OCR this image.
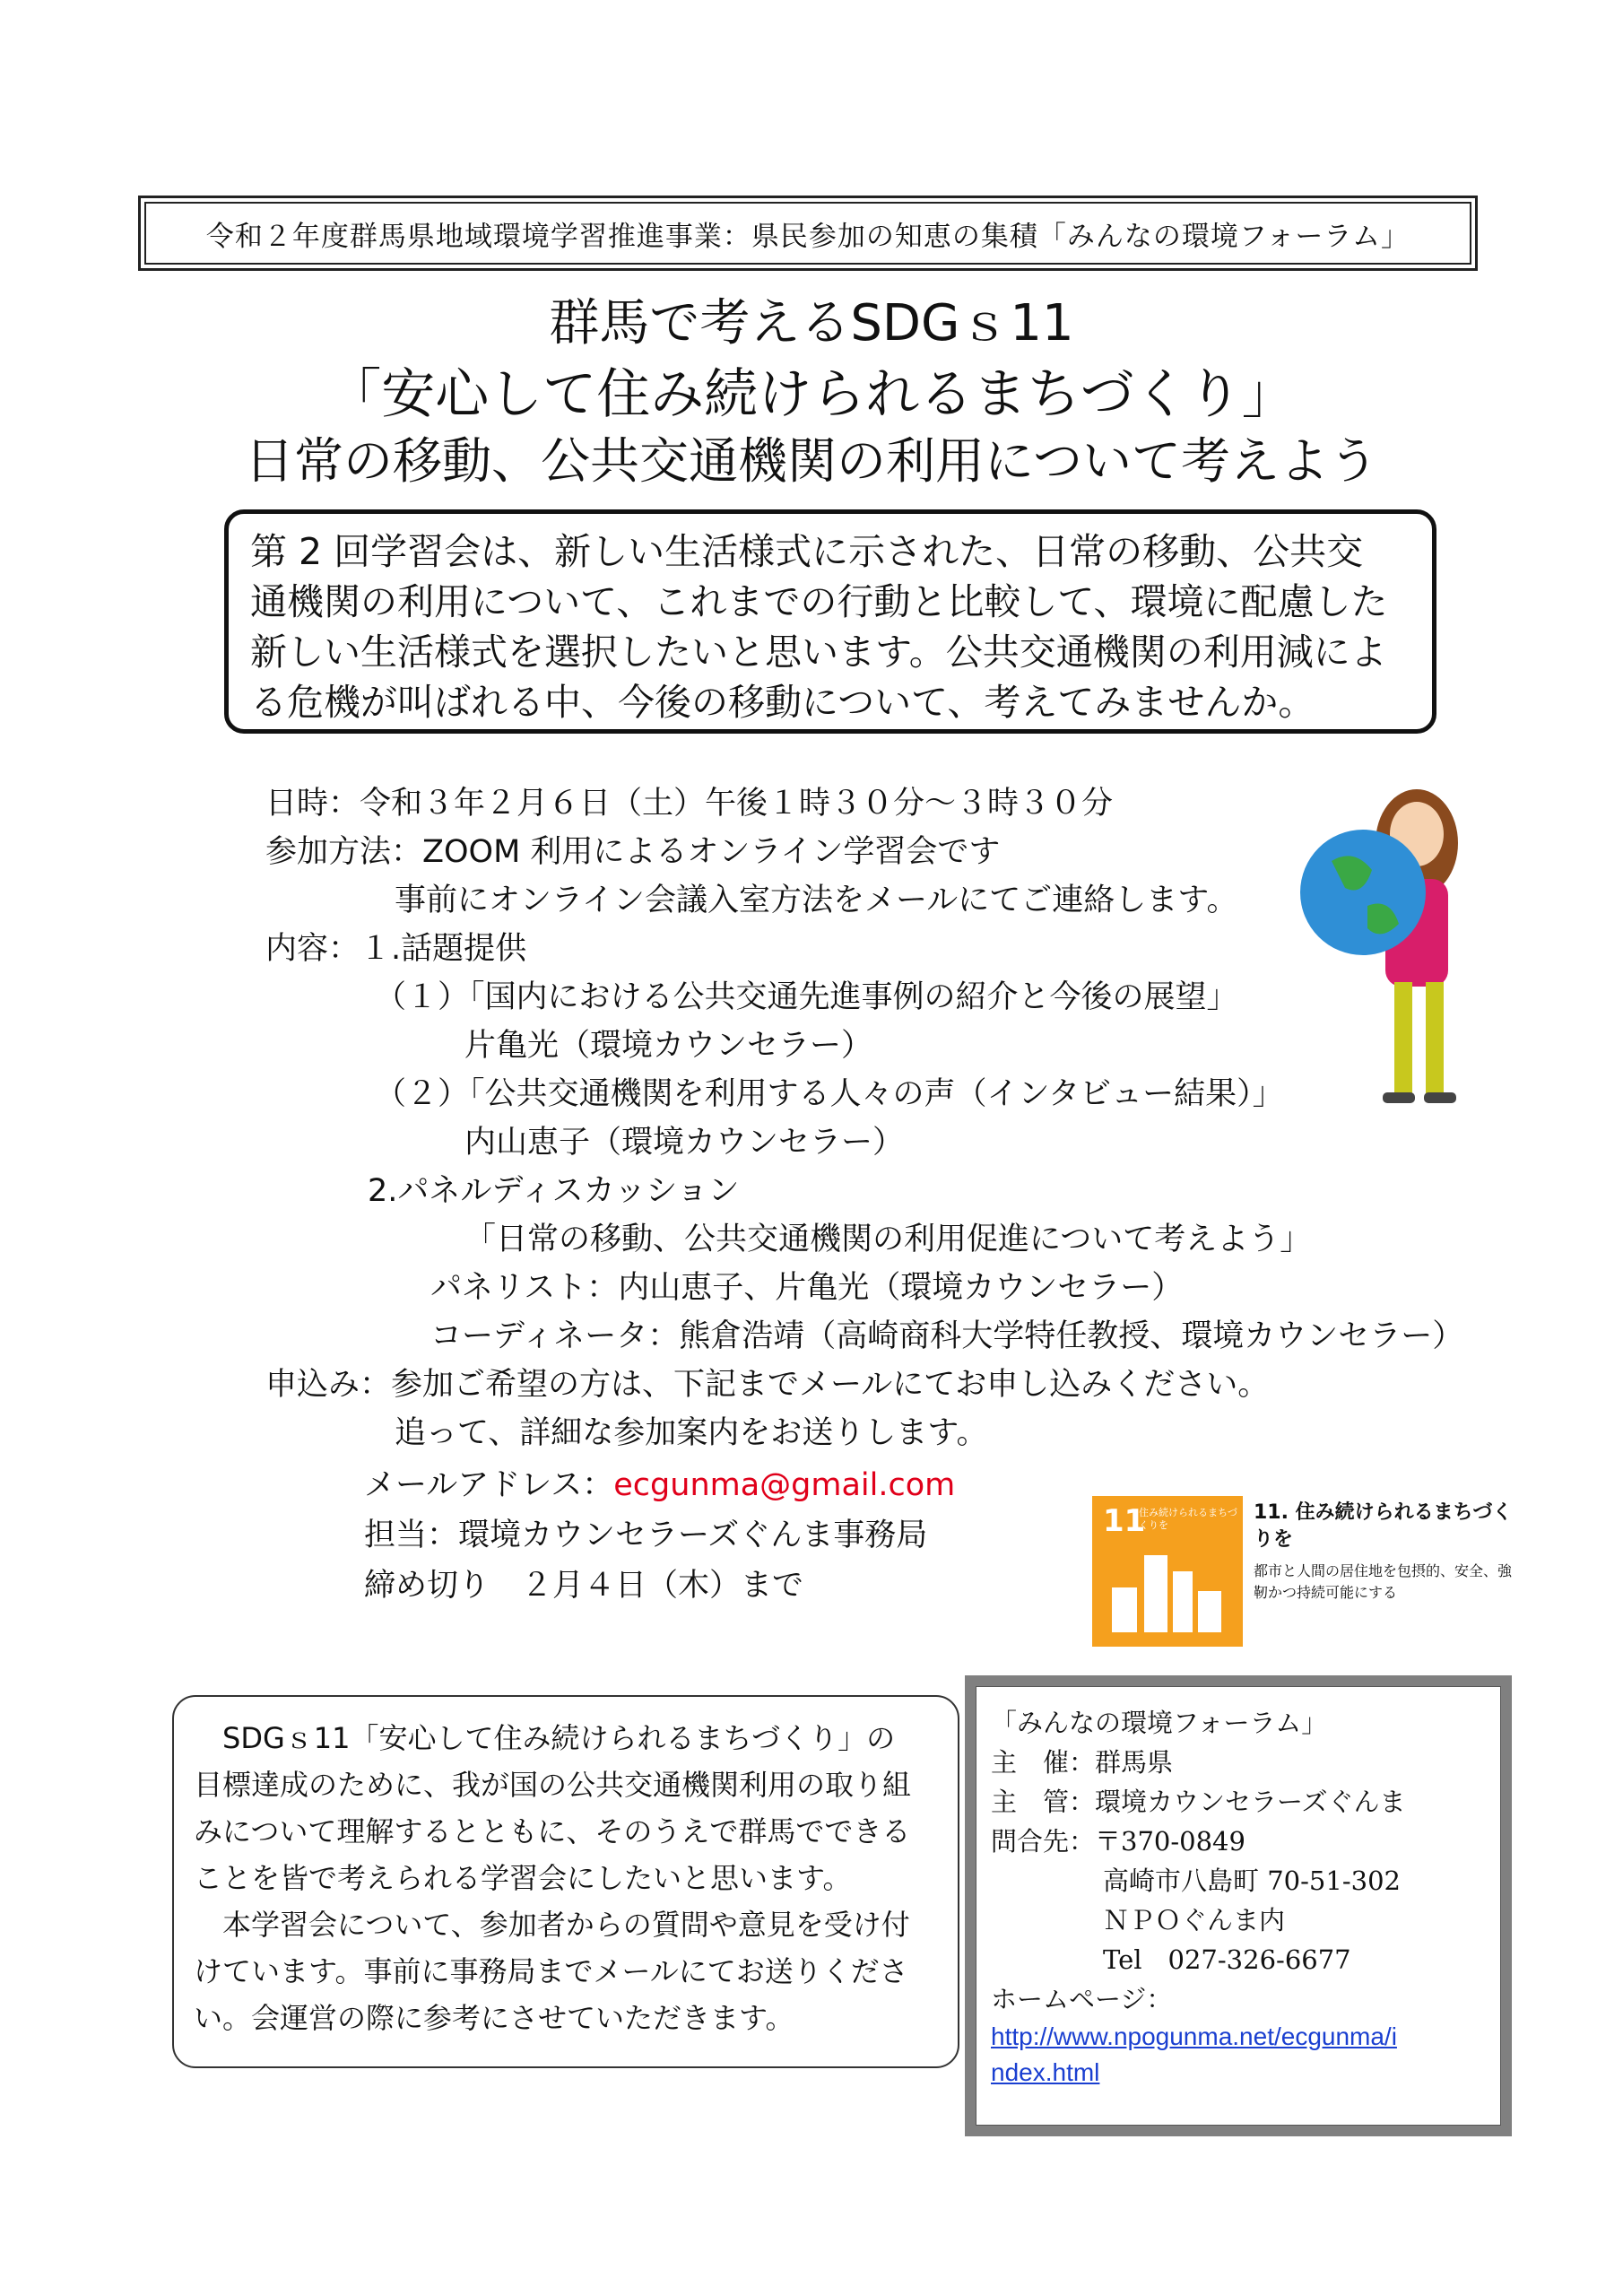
令和２年度群馬県地域環境学習推進事業：県民参加の知恵の集積「みんなの環境フォーラム」
群馬で考えるSDGｓ11
「安心して住み続けられるまちづくり」
日常の移動、公共交通機関の利用について考えよう
第 2 回学習会は、新しい生活様式に示された、日常の移動、公共交
通機関の利用について、これまでの行動と比較して、環境に配慮した
新しい生活様式を選択したいと思います。公共交通機関の利用減によ
る危機が叫ばれる中、今後の移動について、考えてみませんか。
日時：令和３年２月６日（土）午後１時３０分～３時３０分
参加方法：ZOOM 利用によるオンライン学習会です
事前にオンライン会議入室方法をメールにてご連絡します。
内容：１.話題提供
（１）「国内における公共交通先進事例の紹介と今後の展望」
片亀光（環境カウンセラー）
（２）「公共交通機関を利用する人々の声（インタビュー結果）」
内山恵子（環境カウンセラー）
2.パネルディスカッション
「日常の移動、公共交通機関の利用促進について考えよう」
パネリスト：内山恵子、片亀光（環境カウンセラー）
コーディネータ：熊倉浩靖（高崎商科大学特任教授、環境カウンセラー）
申込み：参加ご希望の方は、下記までメールにてお申し込みください。
追って、詳細な参加案内をお送りします。
メールアドレス：ecgunma@gmail.com
担当：環境カウンセラーズぐんま事務局
締め切り　２月４日（木）まで
11
住み続けられるまちづくりを
11. 住み続けられるまちづくりを
都市と人間の居住地を包摂的、安全、強靭かつ持続可能にする
　SDGｓ11「安心して住み続けられるまちづくり」の
目標達成のために、我が国の公共交通機関利用の取り組
みについて理解するとともに、そのうえで群馬でできる
ことを皆で考えられる学習会にしたいと思います。
　本学習会について、参加者からの質問や意見を受け付
けています。事前に事務局までメールにてお送りくださ
い。会運営の際に参考にさせていただきます。
「みんなの環境フォーラム」
主　催：群馬県
主　管：環境カウンセラーズぐんま
問合先：〒370-0849
高崎市八島町 70-51-302
ＮＰＯぐんま内
Tel　027-326-6677
ホームページ：
http://www.npogunma.net/ecgunma/i
ndex.html
